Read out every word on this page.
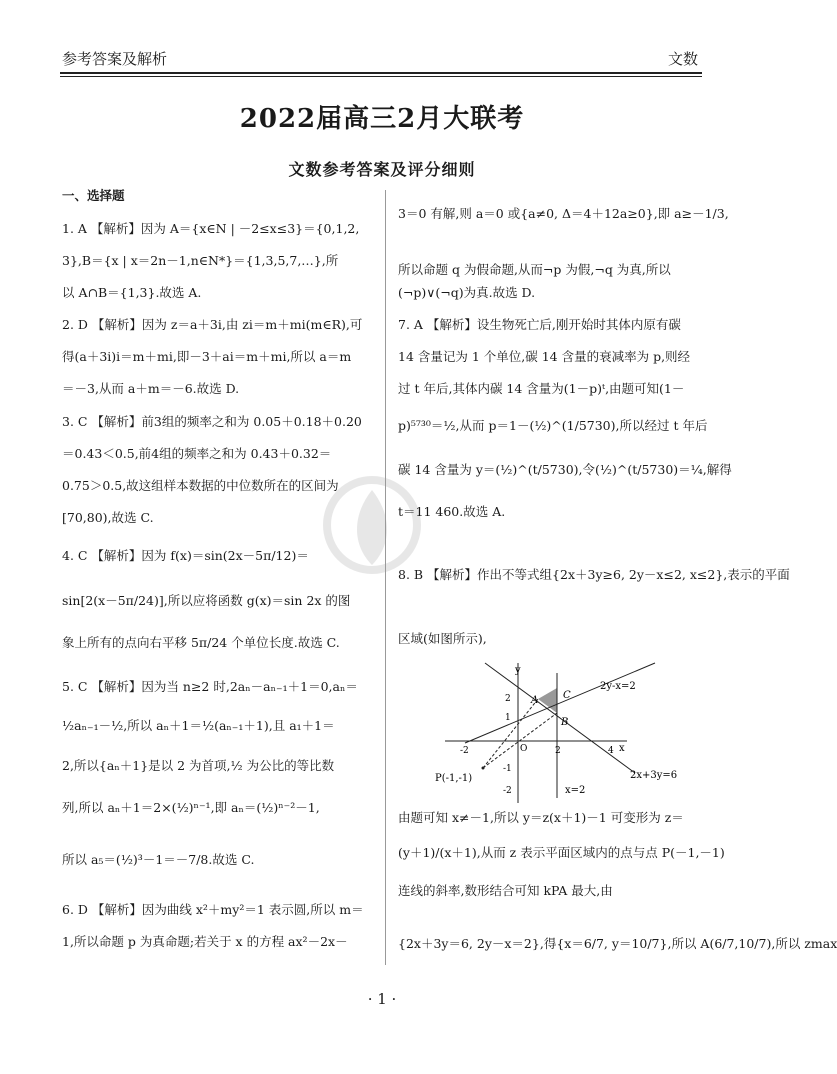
参考答案及解析	文数
2022届高三2月大联考
文数参考答案及评分细则
一、选择题
1. A 【解析】因为 A＝{x∈N | －2≤x≤3}＝{0,1,2,
3},B＝{x | x＝2n－1,n∈N*}＝{1,3,5,7,…},所
以 A∩B＝{1,3}.故选 A.
2. D 【解析】因为 z＝a＋3i,由 zi＝m＋mi(m∈R),可
得(a＋3i)i＝m＋mi,即－3＋ai＝m＋mi,所以 a＝m
＝－3,从而 a＋m＝－6.故选 D.
3. C 【解析】前3组的频率之和为 0.05＋0.18＋0.20
＝0.43＜0.5,前4组的频率之和为 0.43＋0.32＝
0.75＞0.5,故这组样本数据的中位数所在的区间为
[70,80),故选 C.
4. C 【解析】因为 f(x)＝sin(2x－5π/12)＝
sin[2(x－5π/24)],所以应将函数 g(x)＝sin 2x 的图
象上所有的点向右平移 5π/24 个单位长度.故选 C.
5. C 【解析】因为当 n≥2 时,2aₙ－aₙ₋₁＋1＝0,aₙ＝
½aₙ₋₁－½,所以 aₙ＋1＝½(aₙ₋₁＋1),且 a₁＋1＝
2,所以{aₙ＋1}是以 2 为首项,½ 为公比的等比数
列,所以 aₙ＋1＝2×(½)ⁿ⁻¹,即 aₙ＝(½)ⁿ⁻²－1,
所以 a₅＝(½)³－1＝－7/8.故选 C.
6. D 【解析】因为曲线 x²＋my²＝1 表示圆,所以 m＝
1,所以命题 p 为真命题;若关于 x 的方程 ax²－2x－
3＝0 有解,则 a＝0 或{a≠0, Δ＝4＋12a≥0},即 a≥－1/3,
所以命题 q 为假命题,从而¬p 为假,¬q 为真,所以
(¬p)∨(¬q)为真.故选 D.
7. A 【解析】设生物死亡后,刚开始时其体内原有碳
14 含量记为 1 个单位,碳 14 含量的衰减率为 p,则经
过 t 年后,其体内碳 14 含量为(1－p)ᵗ,由题可知(1－
p)⁵⁷³⁰＝½,从而 p＝1－(½)^(1/5730),所以经过 t 年后
碳 14 含量为 y＝(½)^(t/5730),令(½)^(t/5730)＝¼,解得
t＝11 460.故选 A.
8. B 【解析】作出不等式组{2x＋3y≥6, 2y－x≤2, x≤2},表示的平面
区域(如图所示),
由题可知 x≠－1,所以 y＝z(x＋1)－1 可变形为 z＝
(y＋1)/(x＋1),从而 z 表示平面区域内的点与点 P(－1,－1)
连线的斜率,数形结合可知 kPA 最大,由
{2x＋3y＝6, 2y－x＝2},得{x＝6/7, y＝10/7},所以 A(6/7,10/7),所以 zmax
y
x
A
B
C
O
P(-1,-1)
2y-x=2
2x+3y=6
x=2
2
1
-1
-2
-2	2	4
· 1 ·
